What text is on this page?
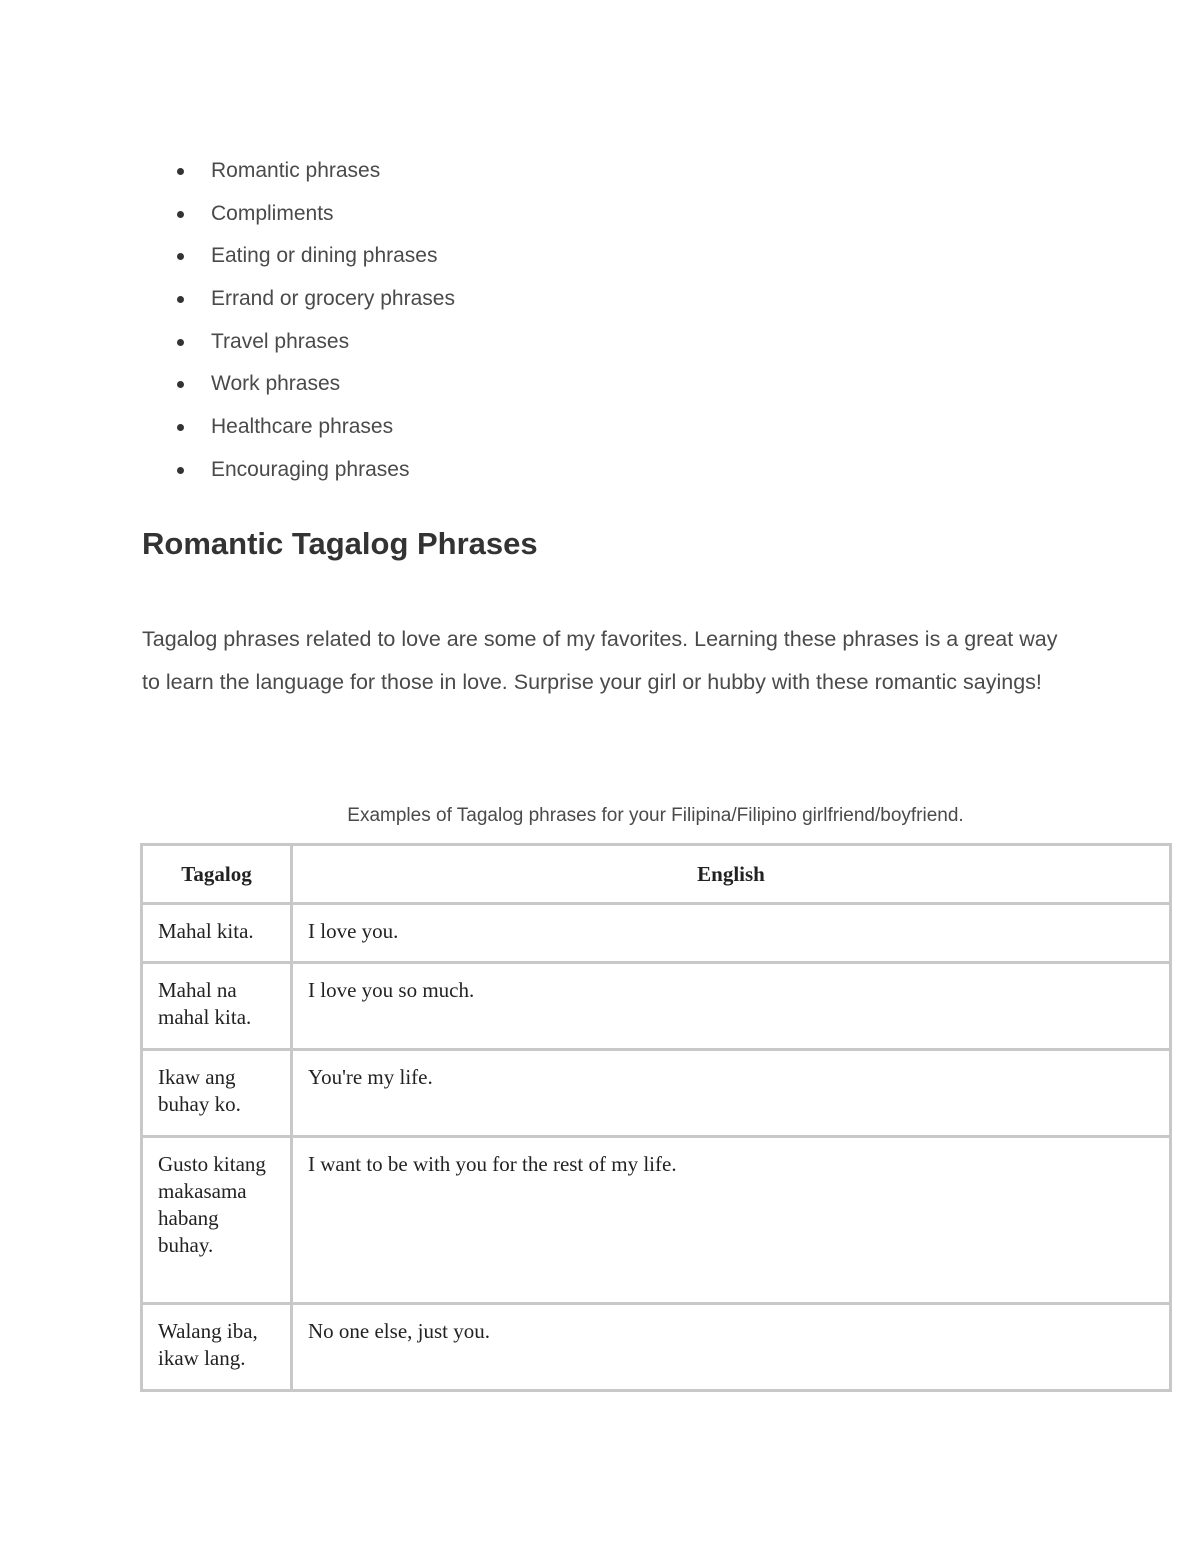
Romantic phrases
Compliments
Eating or dining phrases
Errand or grocery phrases
Travel phrases
Work phrases
Healthcare phrases
Encouraging phrases
Romantic Tagalog Phrases

Tagalog phrases related to love are some of my favorites. Learning these phrases is a great way to learn the language for those in love. Surprise your girl or hubby with these romantic sayings!

Examples of Tagalog phrases for your Filipina/Filipino girlfriend/boyfriend.
Tagalog	English
Mahal kita.	I love you.
Mahal na mahal kita.	I love you so much.
Ikaw ang buhay ko.	You're my life.
Gusto kitang makasama habang buhay.	I want to be with you for the rest of my life.
Walang iba, ikaw lang.	No one else, just you.
